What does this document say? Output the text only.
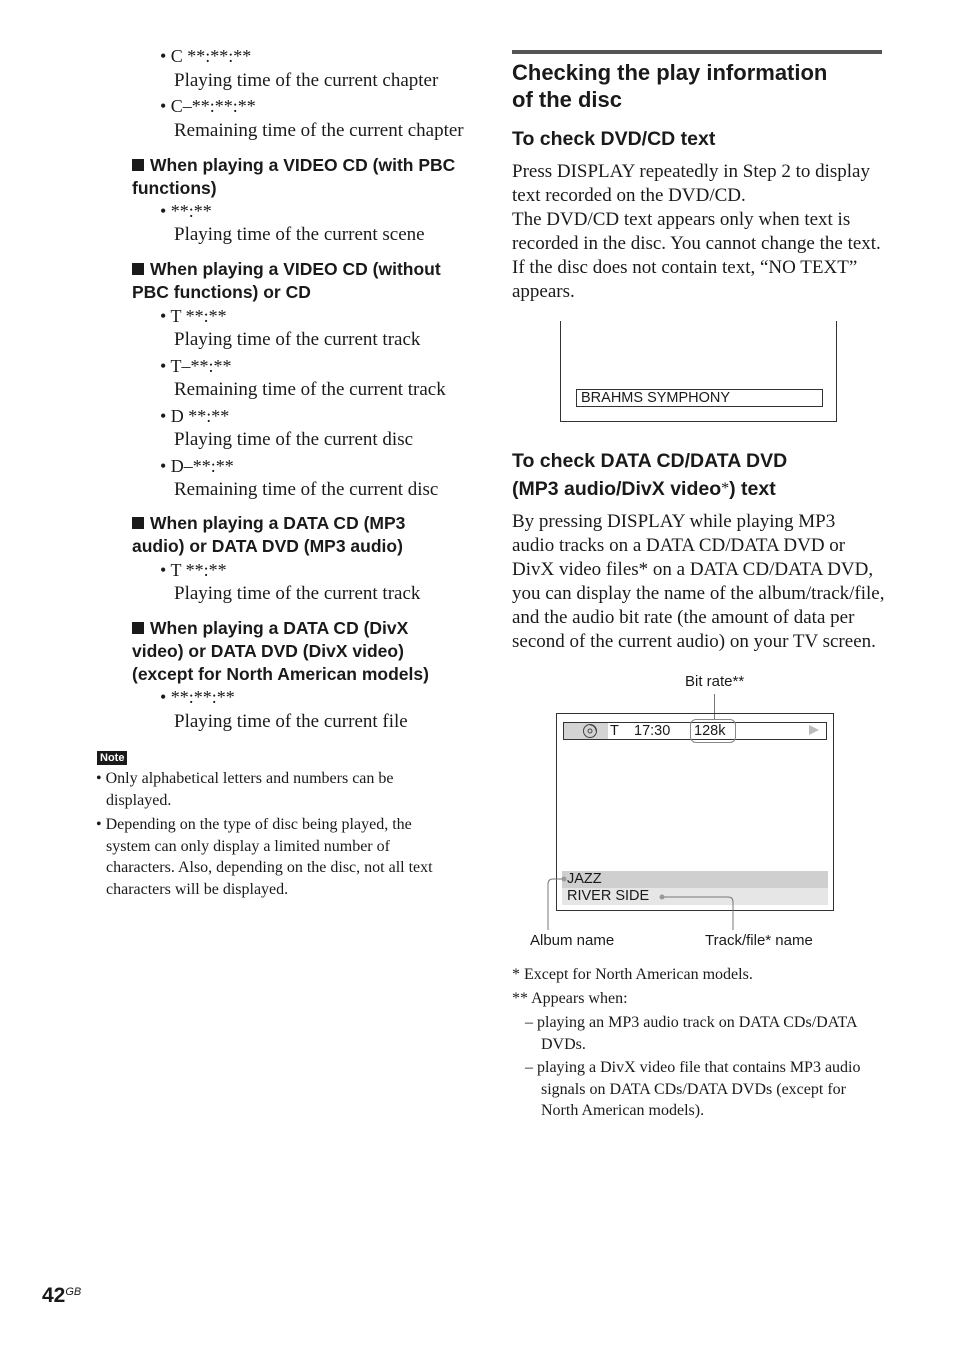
• C **:**:**
Playing time of the current chapter
• C–**:**:**
Remaining time of the current chapter
When playing a VIDEO CD (with PBC
functions)
• **:**
Playing time of the current scene
When playing a VIDEO CD (without
PBC functions) or CD
• T **:**
Playing time of the current track
• T–**:**
Remaining time of the current track
• D **:**
Playing time of the current disc
• D–**:**
Remaining time of the current disc
When playing a DATA CD (MP3
audio) or DATA DVD (MP3 audio)
• T **:**
Playing time of the current track
When playing a DATA CD (DivX
video) or DATA DVD (DivX video)
(except for North American models)
• **:**:**
Playing time of the current file
Note
• Only alphabetical letters and numbers can be
displayed.
• Depending on the type of disc being played, the
system can only display a limited number of
characters. Also, depending on the disc, not all text
characters will be displayed.
Checking the play information
of the disc
To check DVD/CD text
Press DISPLAY repeatedly in Step 2 to display
text recorded on the DVD/CD.
The DVD/CD text appears only when text is
recorded in the disc. You cannot change the text.
If the disc does not contain text, “NO TEXT”
appears.
BRAHMS SYMPHONY
To check DATA CD/DATA DVD
(MP3 audio/DivX video*) text
By pressing DISPLAY while playing MP3
audio tracks on a DATA CD/DATA DVD or
DivX video files* on a DATA CD/DATA DVD,
you can display the name of the album/track/file,
and the audio bit rate (the amount of data per
second of the current audio) on your TV screen.
Bit rate**
T 17:30 128k
JAZZ
RIVER SIDE
Album name	Track/file* name
* Except for North American models.
** Appears when:
– playing an MP3 audio track on DATA CDs/DATA
DVDs.
– playing a DivX video file that contains MP3 audio
signals on DATA CDs/DATA DVDs (except for
North American models).
$42^{GB}$
